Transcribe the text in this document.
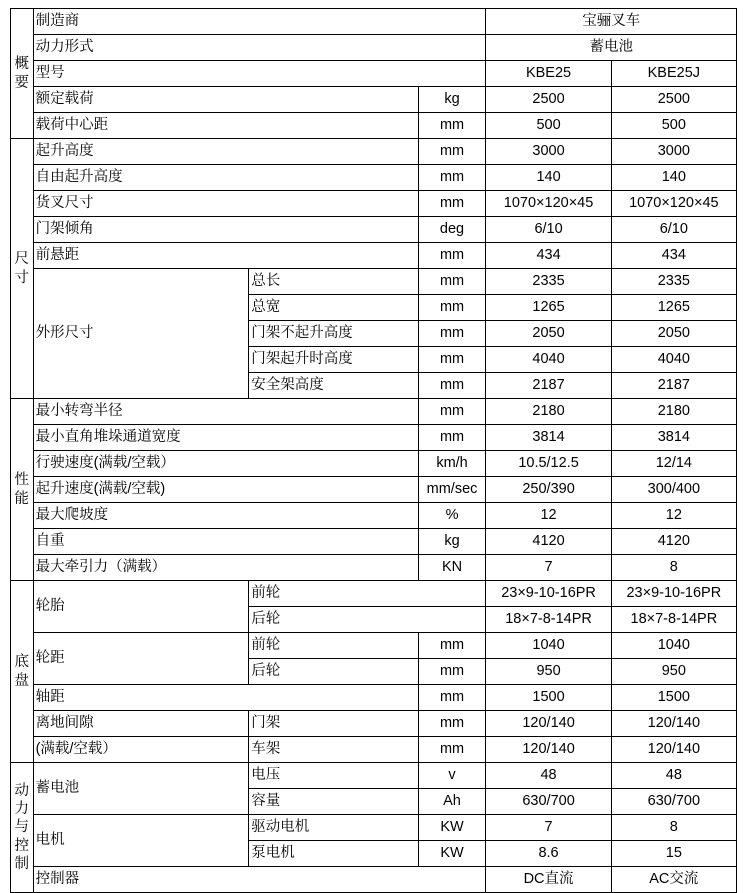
概
要	制造商			宝骊叉车	
	动力形式			蓄电池	
	型号			KBE25	KBE25J
	额定载荷		kg	2500	2500
	载荷中心距		mm	500	500

尺
寸	起升高度		mm	3000	3000
	自由起升高度		mm	140	140
	货叉尺寸		mm	1070×120×45	1070×120×45
	门架倾角		deg	6/10	6/10
	前悬距		mm	434	434
	外形尺寸	总长	mm	2335	2335
		总宽	mm	1265	1265
		门架不起升高度	mm	2050	2050
		门架起升时高度	mm	4040	4040
		安全架高度	mm	2187	2187

性
能	最小转弯半径		mm	2180	2180
	最小直角堆垛通道宽度		mm	3814	3814
	行驶速度(满载/空载）		km/h	10.5/12.5	12/14
	起升速度(满载/空载)		mm/sec	250/390	300/400
	最大爬坡度		%	12	12
	自重		kg	4120	4120
	最大牵引力（满载）		KN	7	8

底
盘	轮胎	前轮		23×9-10-16PR	23×9-10-16PR
		后轮		18×7-8-14PR	18×7-8-14PR
	轮距	前轮	mm	1040	1040
		后轮	mm	950	950
	轴距		mm	1500	1500
	离地间隙	门架	mm	120/140	120/140
	(满载/空载）	车架	mm	120/140	120/140

动
力
与
控
制	蓄电池	电压	v	48	48
		容量	Ah	630/700	630/700
	电机	驱动电机	KW	7	8
		泵电机	KW	8.6	15
	控制器			DC直流	AC交流
